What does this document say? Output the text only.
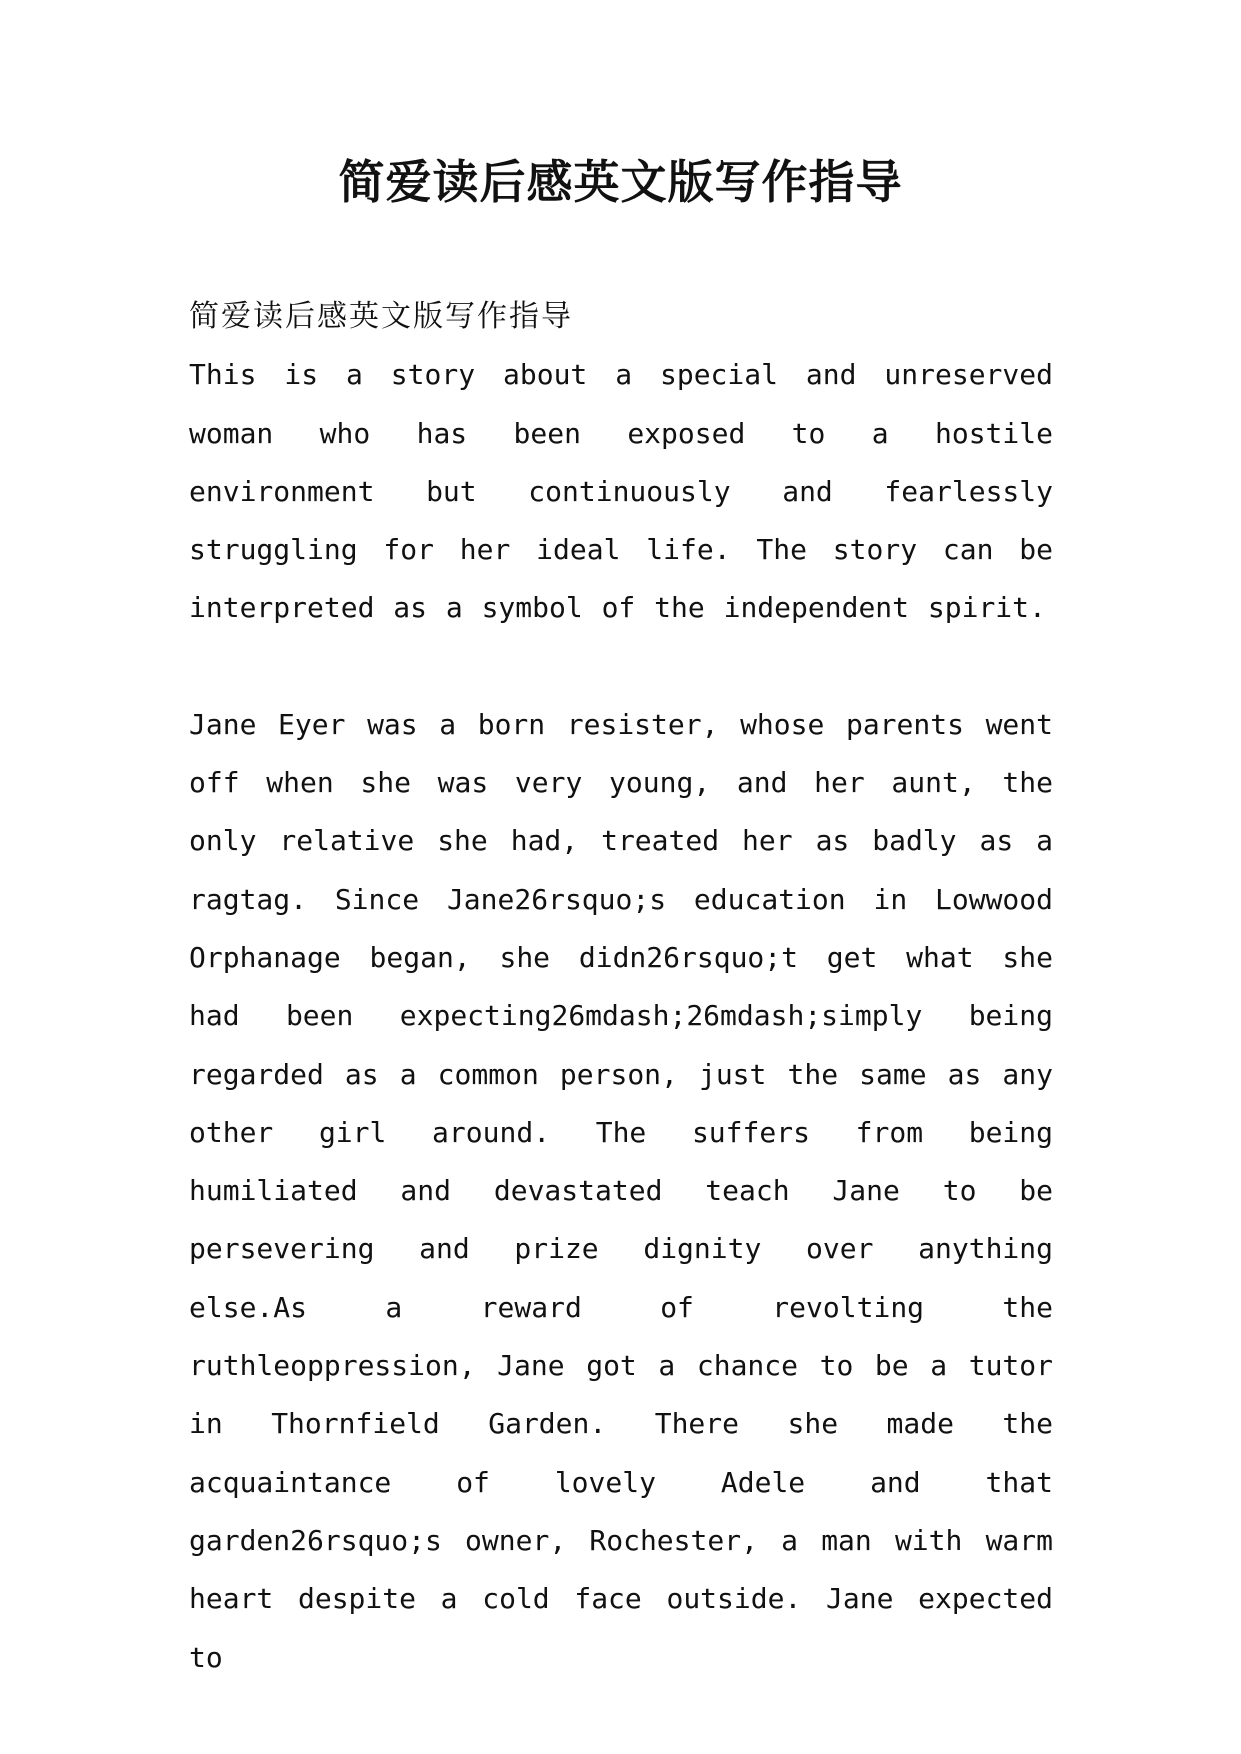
简爱读后感英文版写作指导
简爱读后感英文版写作指导

This is a story about a special and unreserved woman who has been exposed to a hostile environment but continuously and fearlessly struggling for her ideal life. The story can be interpreted as a symbol of the independent spirit.

Jane Eyer was a born resister, whose parents went off when she was very young, and her aunt, the only relative she had, treated her as badly as a ragtag. Since Jane26rsquo;s education in Lowwood Orphanage began, she didn26rsquo;t get what she had been expecting26mdash;26mdash;simply being regarded as a common person, just the same as any other girl around. The suffers from being humiliated and devastated teach Jane to be persevering and prize dignity over anything else.As a reward of revolting the ruthleoppression, Jane got a chance to be a tutor in Thornfield Garden. There she made the acquaintance of lovely Adele and that garden26rsquo;s owner, Rochester, a man with warm heart despite a cold face outside. Jane expected to
